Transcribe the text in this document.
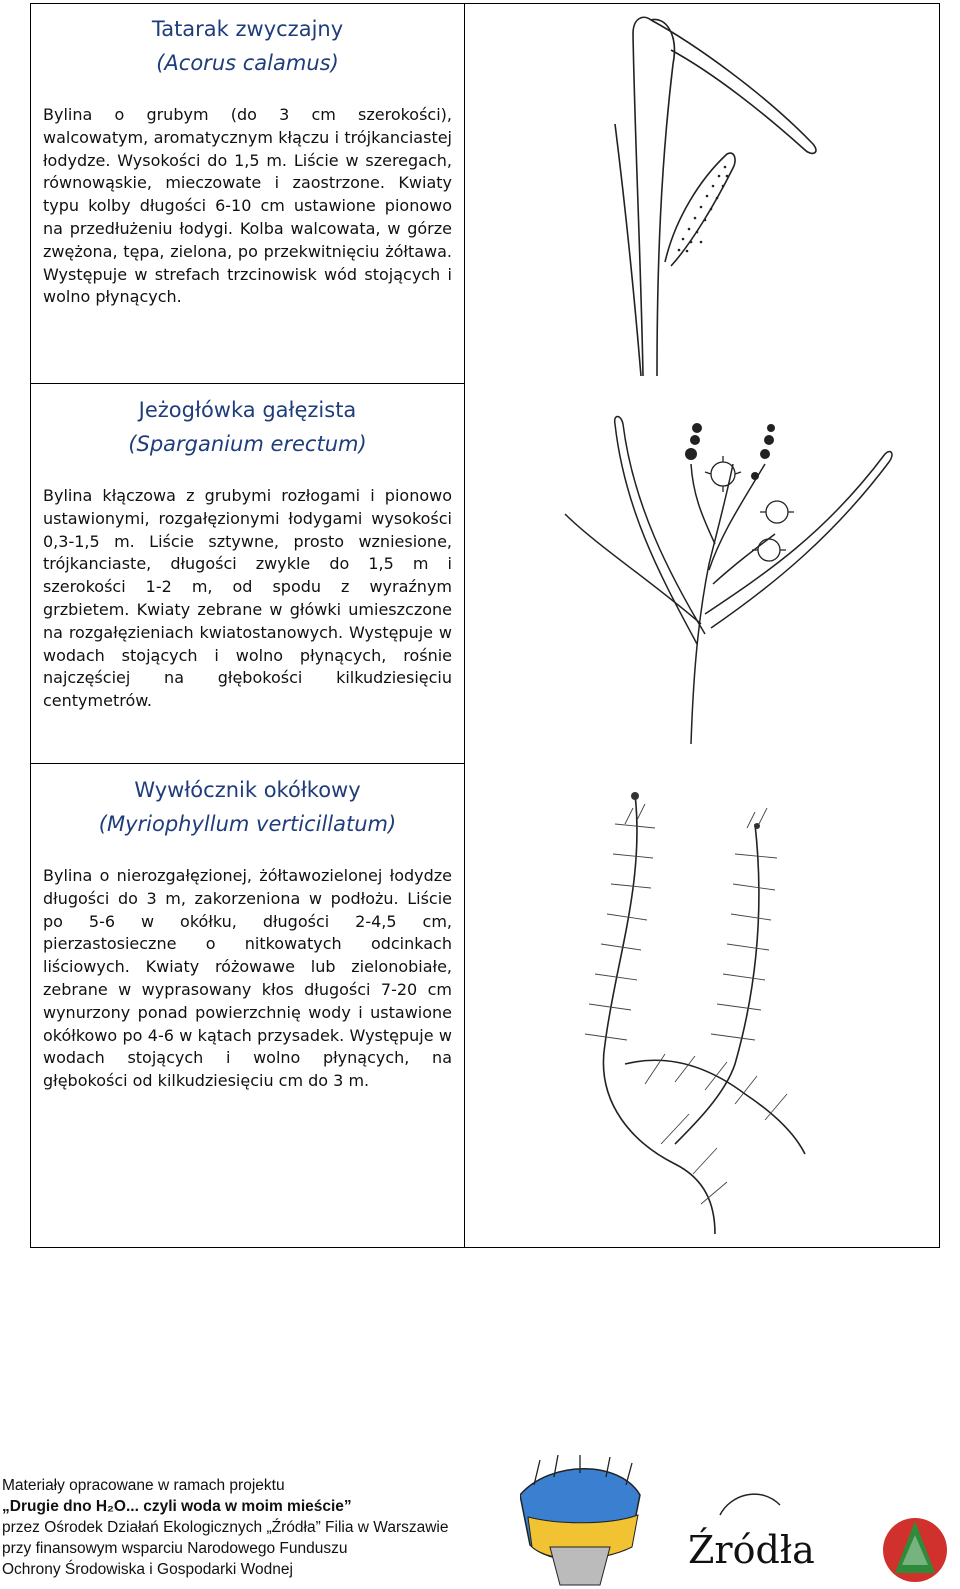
Tatarak zwyczajny
(Acorus calamus)
Bylina o grubym (do 3 cm szerokości), walcowatym, aromatycznym kłączu i trójkanciastej łodydze. Wysokości do 1,5 m. Liście w szeregach, równowąskie, mieczowate i zaostrzone. Kwiaty typu kolby długości 6-10 cm ustawione pionowo na przedłużeniu łodygi. Kolba walcowata, w górze zwężona, tępa, zielona, po przekwitnięciu żółtawa. Występuje w strefach trzcinowisk wód stojących i wolno płynących.
Jeżogłówka gałęzista
(Sparganium erectum)
Bylina kłączowa z grubymi rozłogami i pionowo ustawionymi, rozgałęzionymi łodygami wysokości 0,3-1,5 m. Liście sztywne, prosto wzniesione, trójkanciaste, długości zwykle do 1,5 m i szerokości 1-2 m, od spodu z wyraźnym grzbietem. Kwiaty zebrane w główki umieszczone na rozgałęzieniach kwiatostanowych. Występuje w wodach stojących i wolno płynących, rośnie najczęściej na głębokości kilkudziesięciu centymetrów.
Wywłócznik okółkowy
(Myriophyllum verticillatum)
Bylina o nierozgałęzionej, żółtawozielonej łodydze długości do 3 m, zakorzeniona w podłożu. Liście po 5-6 w okółku, długości 2-4,5 cm, pierzastosieczne o nitkowatych odcinkach liściowych. Kwiaty różowawe lub zielonobiałe, zebrane w wyprasowany kłos długości 7-20 cm wynurzony ponad powierzchnię wody i ustawione okółkowo po 4-6 w kątach przysadek. Występuje w wodach stojących i wolno płynących, na głębokości od kilkudziesięciu cm do 3 m.
Materiały opracowane w ramach projektu
„Drugie dno H₂O... czyli woda w moim mieście”
przez Ośrodek Działań Ekologicznych „Źródła” Filia w Warszawie
przy finansowym wsparciu Narodowego Funduszu
Ochrony Środowiska i Gospodarki Wodnej	Źródła
